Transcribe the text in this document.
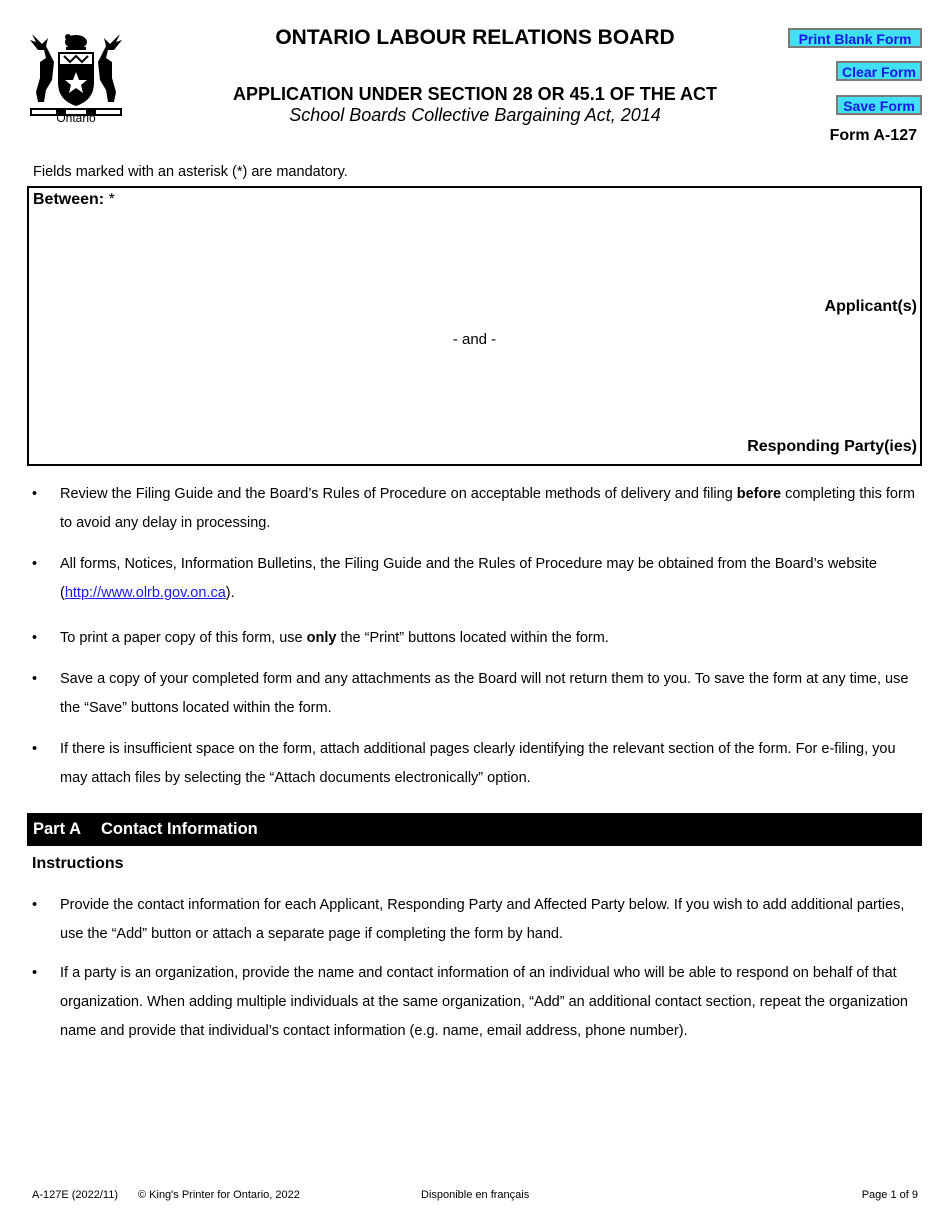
Ontario
ONTARIO LABOUR RELATIONS BOARD
APPLICATION UNDER SECTION 28 OR 45.1 OF THE ACT
School Boards Collective Bargaining Act, 2014
Print Blank Form
Clear Form
Save Form
Form A-127
Fields marked with an asterisk (*) are mandatory.
Between: *
Applicant(s)
- and -
Responding Party(ies)
• Review the Filing Guide and the Board’s Rules of Procedure on acceptable methods of delivery and filing before completing this form to avoid any delay in processing.
• All forms, Notices, Information Bulletins, the Filing Guide and the Rules of Procedure may be obtained from the Board’s website (http://www.olrb.gov.on.ca).
• To print a paper copy of this form, use only the “Print” buttons located within the form.
• Save a copy of your completed form and any attachments as the Board will not return them to you. To save the form at any time, use the “Save” buttons located within the form.
• If there is insufficient space on the form, attach additional pages clearly identifying the relevant section of the form. For e-filing, you may attach files by selecting the “Attach documents electronically” option.
Part A Contact Information
Instructions
• Provide the contact information for each Applicant, Responding Party and Affected Party below. If you wish to add additional parties, use the “Add” button or attach a separate page if completing the form by hand.
• If a party is an organization, provide the name and contact information of an individual who will be able to respond on behalf of that organization. When adding multiple individuals at the same organization, “Add” an additional contact section, repeat the organization name and provide that individual’s contact information (e.g. name, email address, phone number).
A-127E (2022/11) © King's Printer for Ontario, 2022	Disponible en français	Page 1 of 9
